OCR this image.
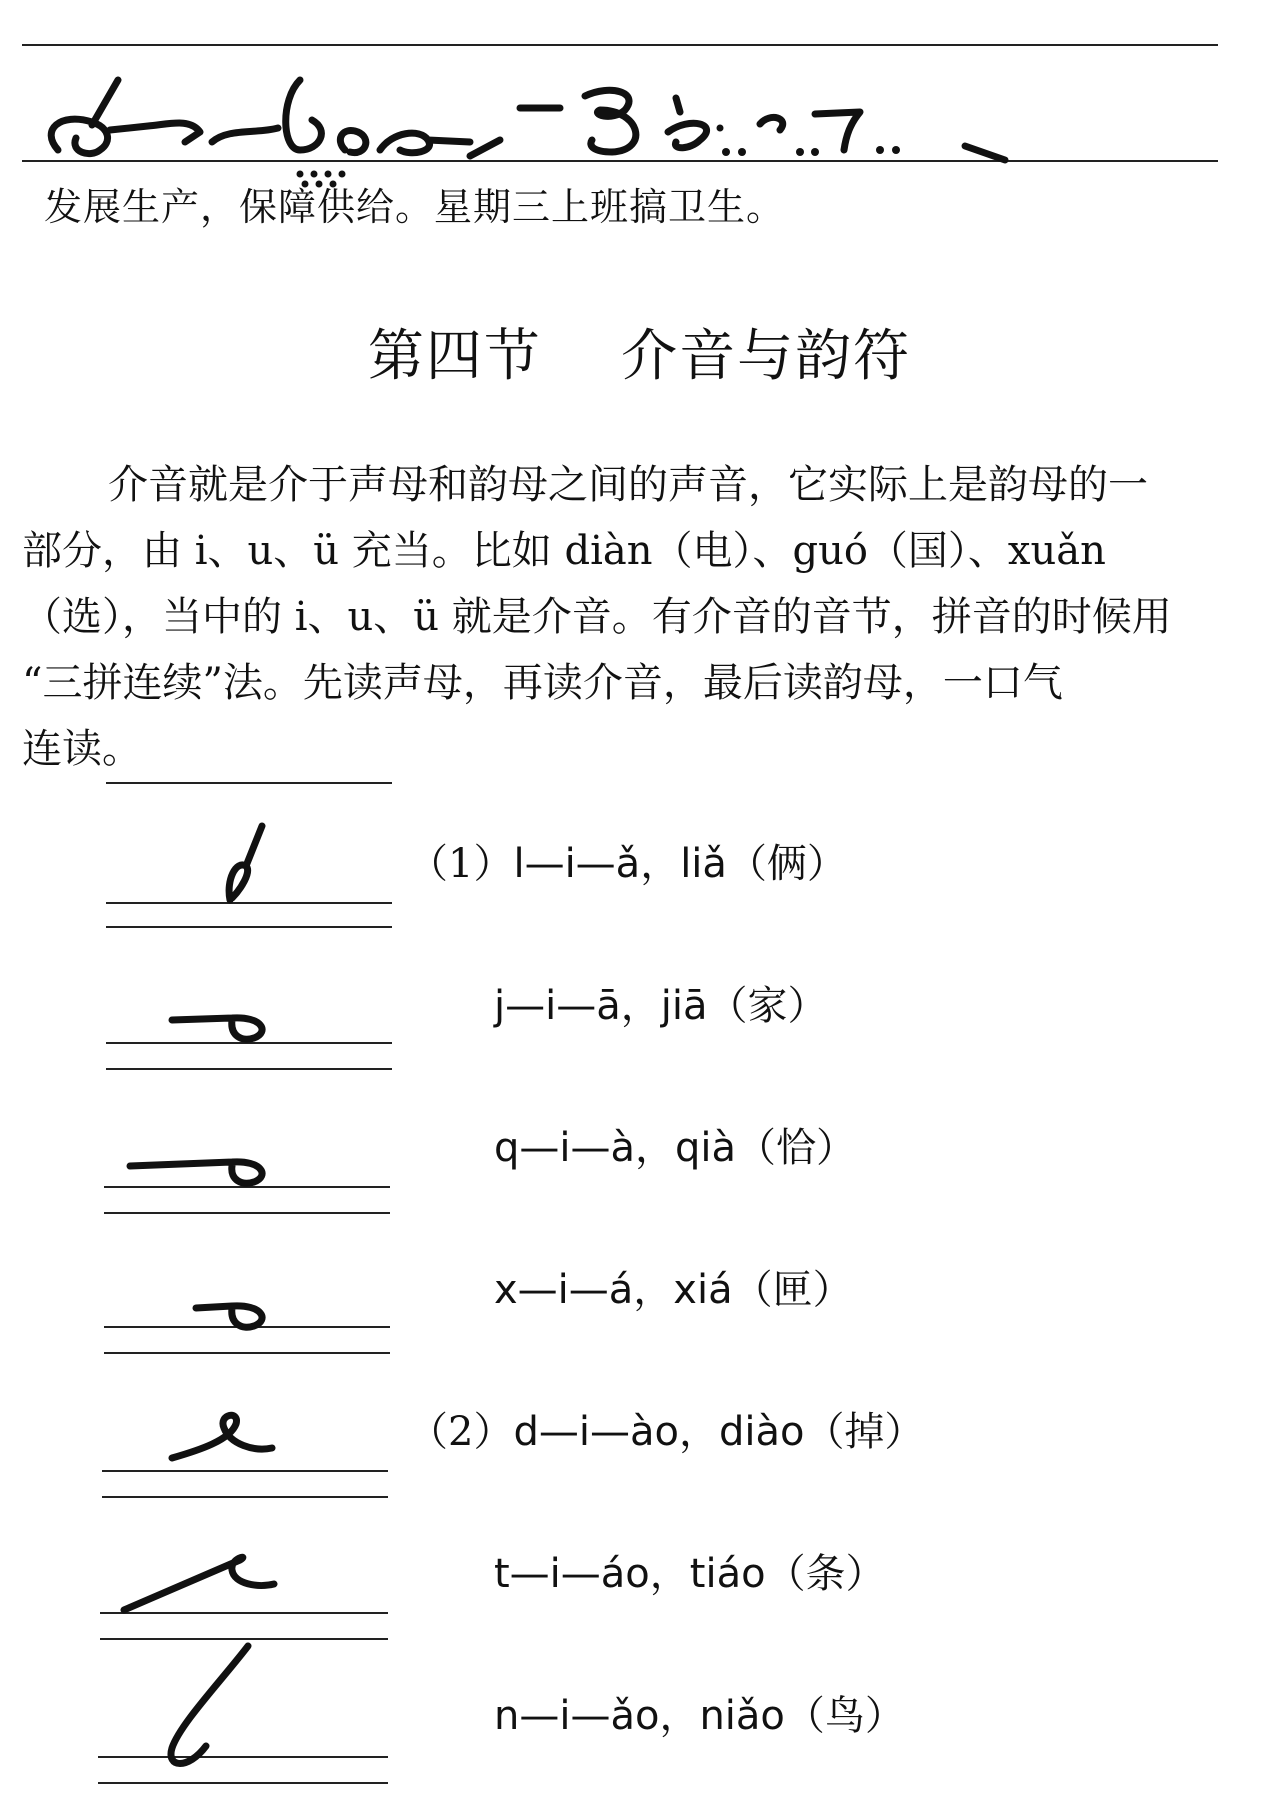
发展生产，保障供给。星期三上班搞卫生。
第四节    介音与韵符
介音就是介于声母和韵母之间的声音，它实际上是韵母的一
部分，由 i、u、ü 充当。比如 diàn（电）、guó（国）、xuǎn
（选），当中的 i、u、ü 就是介音。有介音的音节，拼音的时候用
“三拼连续”法。先读声母，再读介音，最后读韵母，一口气
连读。
（1）l—i—ǎ，liǎ（俩）
j—i—ā，jiā（家）
q—i—à，qià（恰）
x—i—á，xiá（匣）
（2）d—i—ào，diào（掉）
t—i—áo，tiáo（条）
n—i—ǎo，niǎo（鸟）
